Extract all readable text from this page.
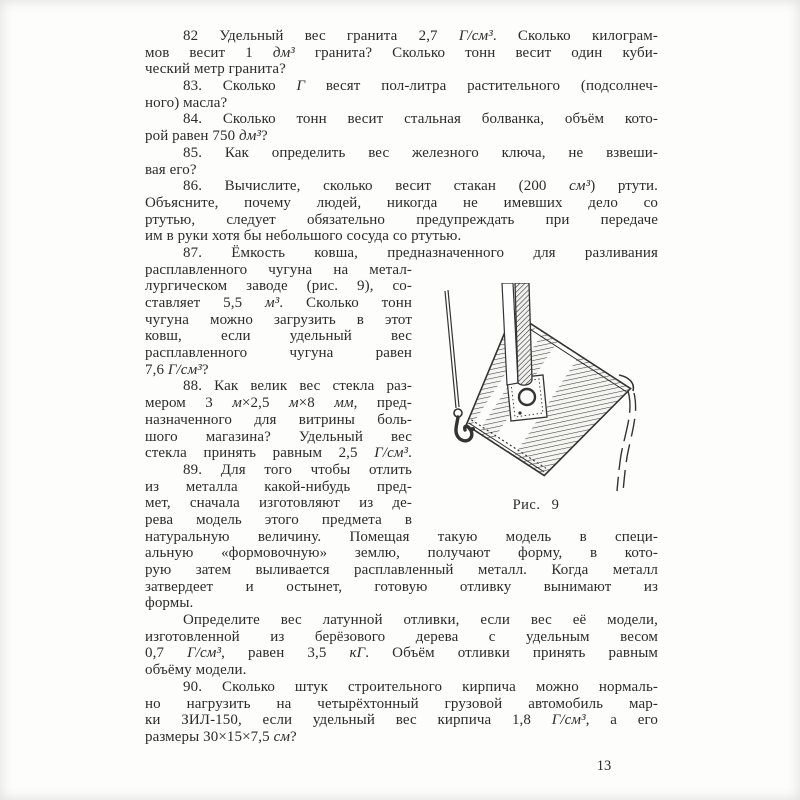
82 Удельный вес гранита 2,7 Г/см³. Сколько килограм-
мов весит 1 дм³ гранита? Сколько тонн весит один куби-
ческий метр гранита?
83. Сколько Г весят пол-литра растительного (подсолнеч-
ного) масла?
84. Сколько тонн весит стальная болванка, объём кото-
рой равен 750 дм³?
85. Как определить вес железного ключа, не взвеши-
вая его?
86. Вычислите, сколько весит стакан (200 см³) ртути.
Объясните, почему людей, никогда не имевших дело со
ртутью, следует обязательно предупреждать при передаче
им в руки хотя бы небольшого сосуда со ртутью.
87. Ёмкость ковша, предназначенного для разливания
расплавленного чугуна на метал-
лургическом заводе (рис. 9), со-
ставляет 5,5 м³. Сколько тонн
чугуна можно загрузить в этот
ковш, если удельный вес
расплавленного чугуна равен
7,6 Г/см³?
88. Как велик вес стекла раз-
мером 3 м×2,5 м×8 мм, пред-
назначенного для витрины боль-
шого магазина? Удельный вес
стекла принять равным 2,5 Г/см³.
89. Для того чтобы отлить
из металла какой-нибудь пред-
мет, сначала изготовляют из де-
рева модель этого предмета в
натуральную величину. Помещая такую модель в специ-
альную «формовочную» землю, получают форму, в кото-
рую затем выливается расплавленный металл. Когда металл
затвердеет и остынет, готовую отливку вынимают из
формы.
Определите вес латунной отливки, если вес её модели,
изготовленной из берёзового дерева с удельным весом
0,7 Г/см³, равен 3,5 кГ. Объём отливки принять равным
объёму модели.
90. Сколько штук строительного кирпича можно нормаль-
но нагрузить на четырёхтонный грузовой автомобиль мар-
ки ЗИЛ-150, если удельный вес кирпича 1,8 Г/см³, а его
размеры 30×15×7,5 см?
Рис. 9
13
